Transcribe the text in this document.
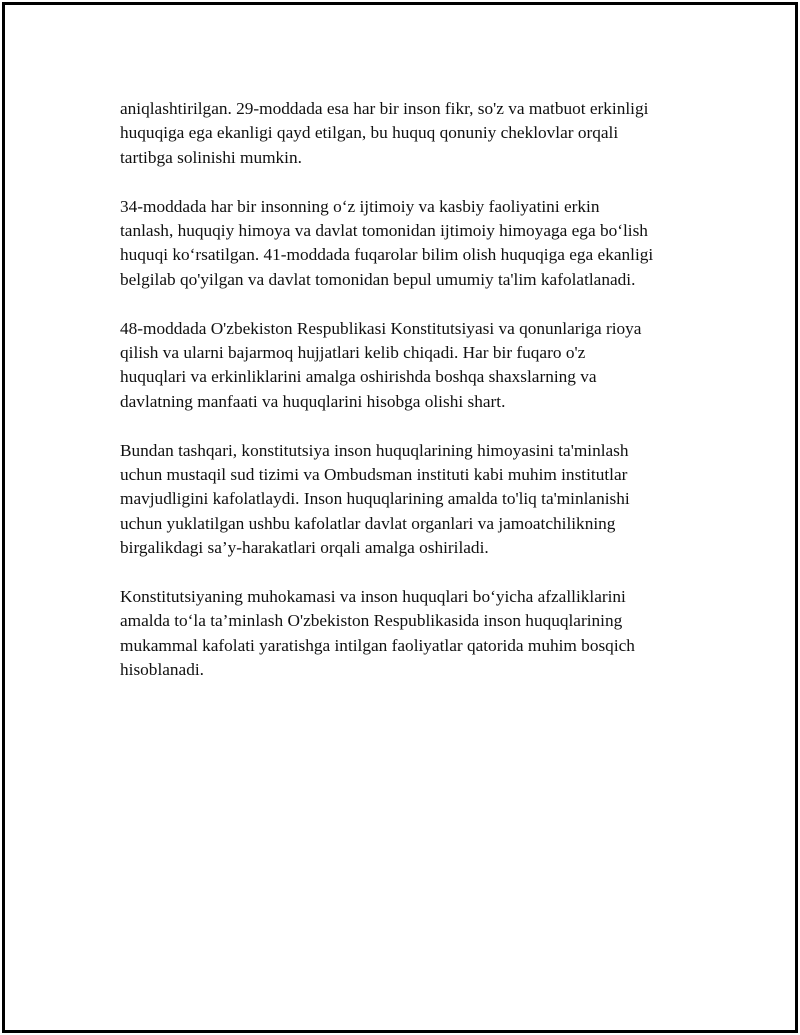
aniqlashtirilgan. 29-moddada esa har bir inson fikr, so'z va matbuot erkinligi
huquqiga ega ekanligi qayd etilgan, bu huquq qonuniy cheklovlar orqali
tartibga solinishi mumkin.

34-moddada har bir insonning o‘z ijtimoiy va kasbiy faoliyatini erkin
tanlash, huquqiy himoya va davlat tomonidan ijtimoiy himoyaga ega bo‘lish
huquqi ko‘rsatilgan. 41-moddada fuqarolar bilim olish huquqiga ega ekanligi
belgilab qo'yilgan va davlat tomonidan bepul umumiy ta'lim kafolatlanadi.

48-moddada O'zbekiston Respublikasi Konstitutsiyasi va qonunlariga rioya
qilish va ularni bajarmoq hujjatlari kelib chiqadi. Har bir fuqaro o'z
huquqlari va erkinliklarini amalga oshirishda boshqa shaxslarning va
davlatning manfaati va huquqlarini hisobga olishi shart.

Bundan tashqari, konstitutsiya inson huquqlarining himoyasini ta'minlash
uchun mustaqil sud tizimi va Ombudsman instituti kabi muhim institutlar
mavjudligini kafolatlaydi. Inson huquqlarining amalda to'liq ta'minlanishi
uchun yuklatilgan ushbu kafolatlar davlat organlari va jamoatchilikning
birgalikdagi sa’y-harakatlari orqali amalga oshiriladi.

Konstitutsiyaning muhokamasi va inson huquqlari bo‘yicha afzalliklarini
amalda to‘la ta’minlash O'zbekiston Respublikasida inson huquqlarining
mukammal kafolati yaratishga intilgan faoliyatlar qatorida muhim bosqich
hisoblanadi.
